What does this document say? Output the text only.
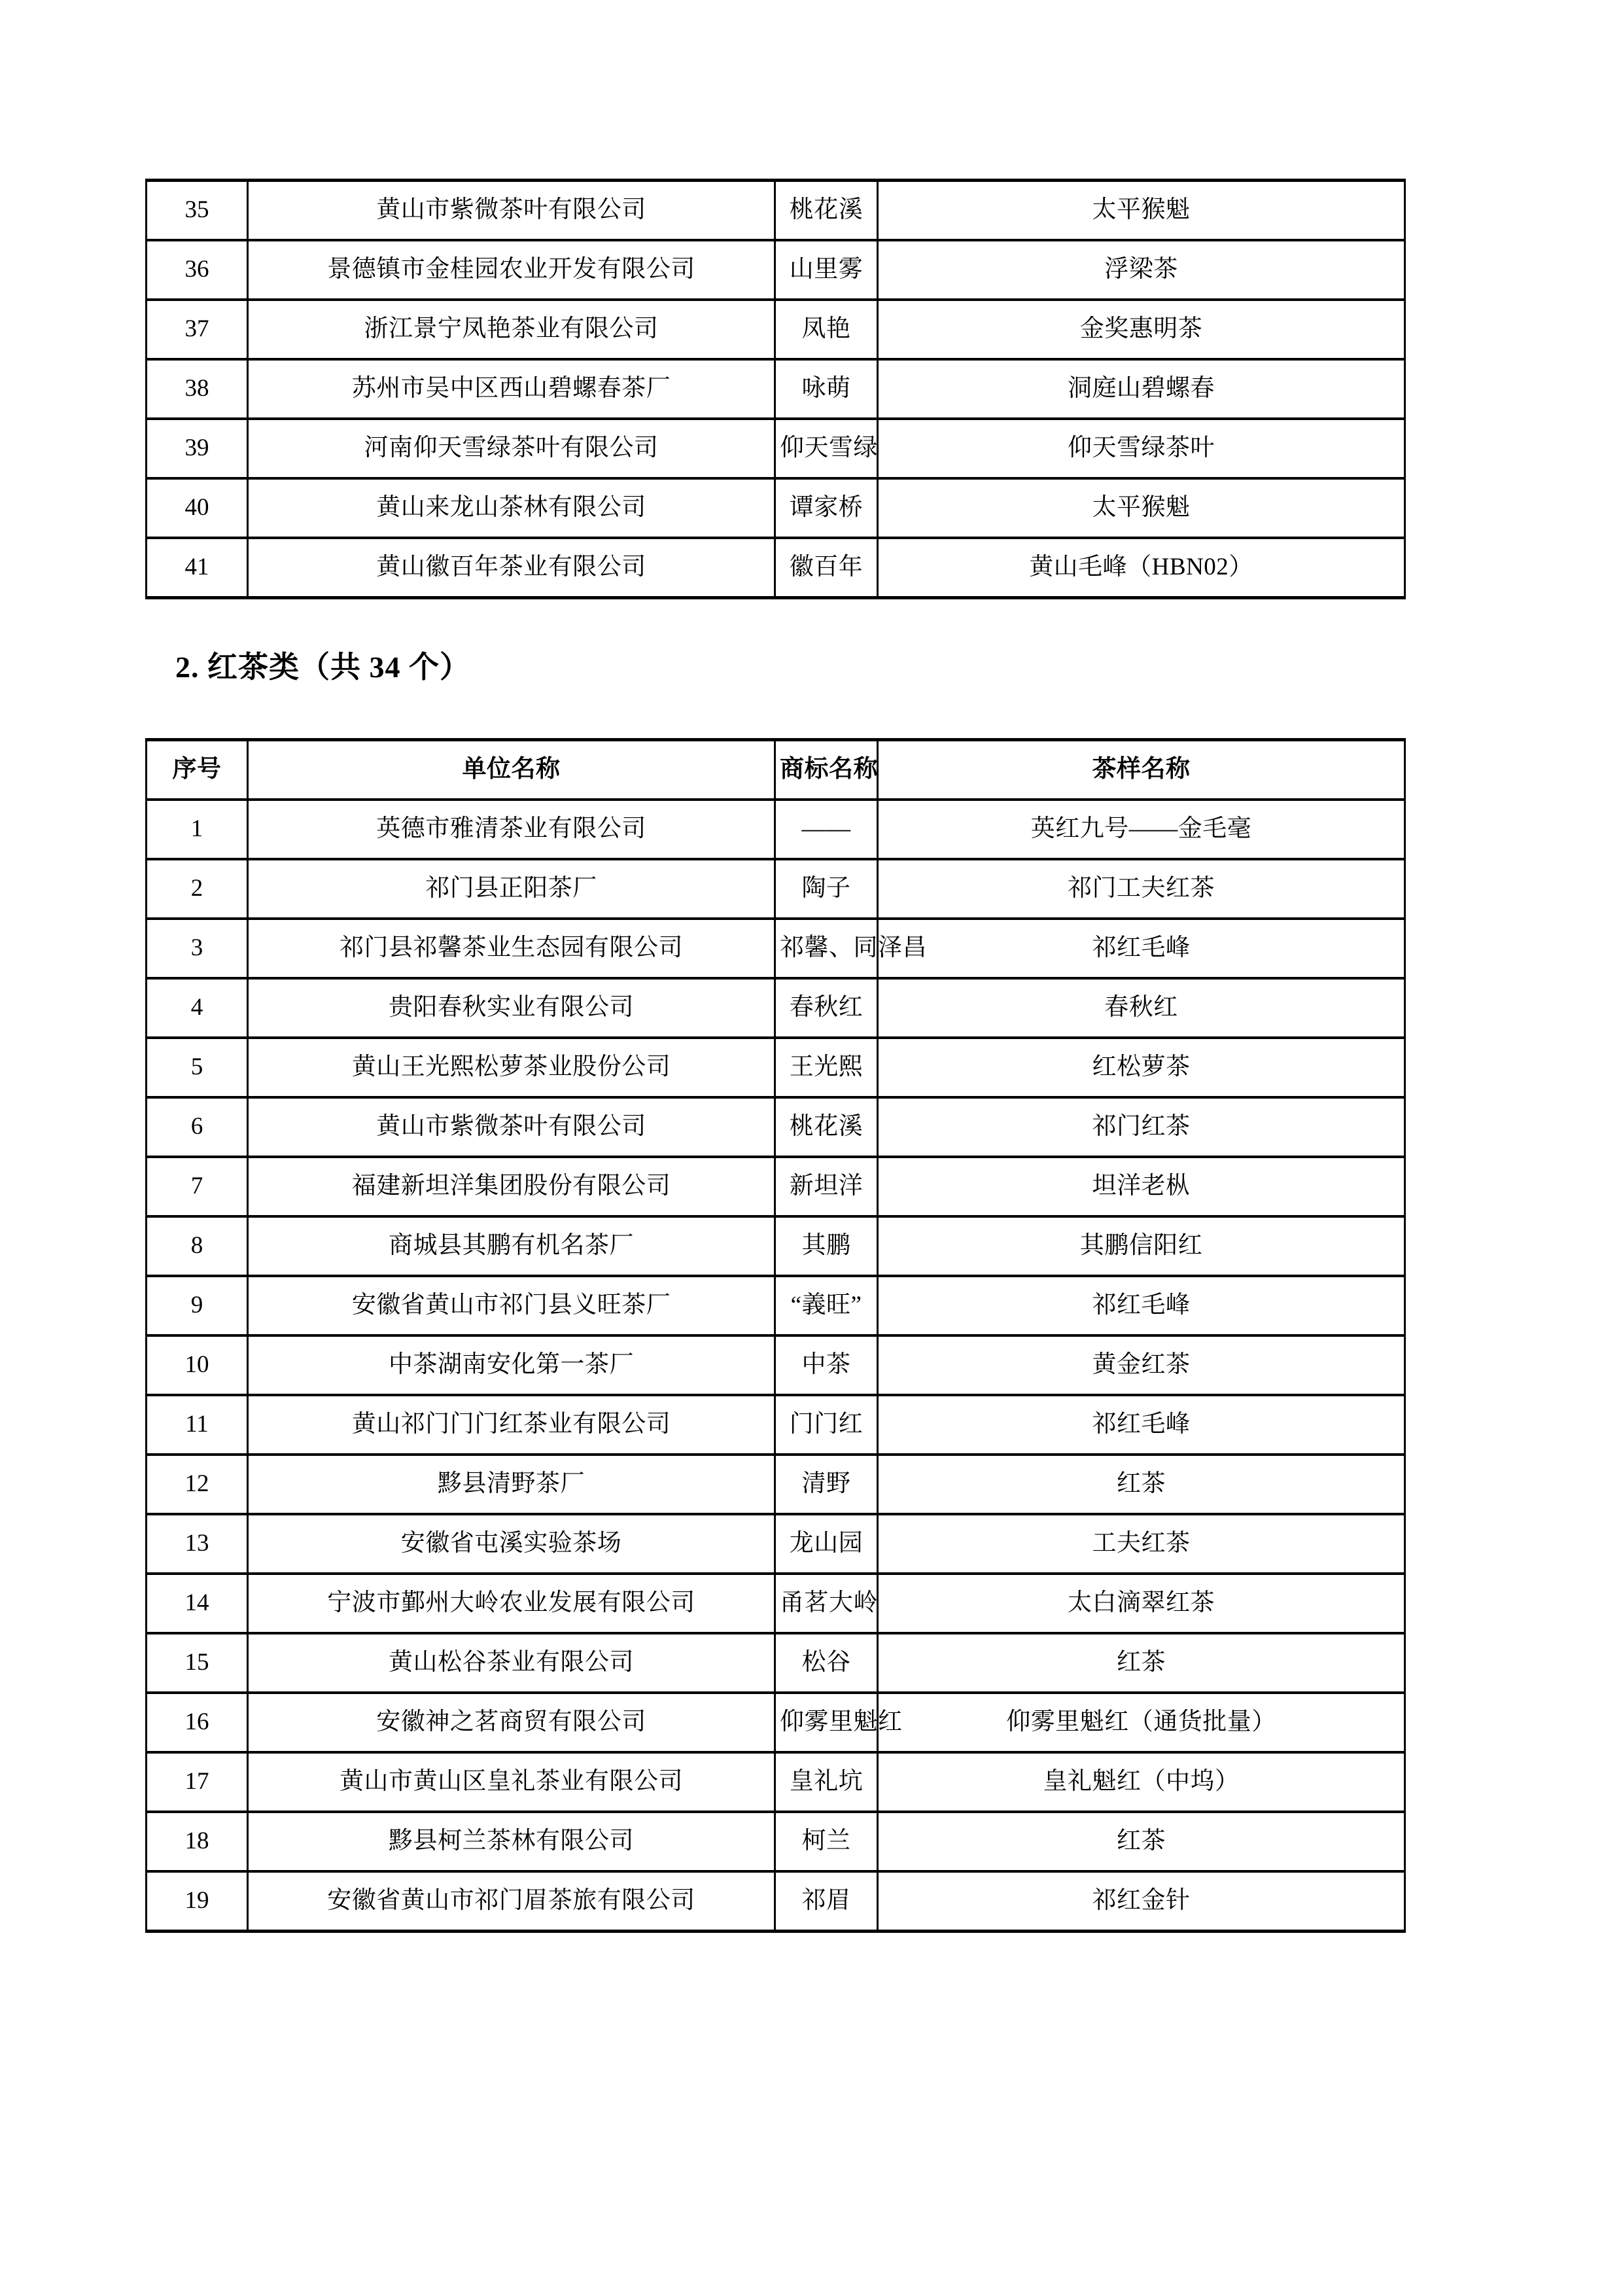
35	黄山市紫微茶叶有限公司	桃花溪	太平猴魁
36	景德镇市金桂园农业开发有限公司	山里雾	浮梁茶
37	浙江景宁凤艳茶业有限公司	凤艳	金奖惠明茶
38	苏州市吴中区西山碧螺春茶厂	咏萌	洞庭山碧螺春
39	河南仰天雪绿茶叶有限公司	仰天雪绿	仰天雪绿茶叶
40	黄山来龙山茶林有限公司	谭家桥	太平猴魁
41	黄山徽百年茶业有限公司	徽百年	黄山毛峰（HBN02）
2. 红茶类（共 34 个）
序号	单位名称	商标名称	茶样名称
1	英德市雅清茶业有限公司	——	英红九号——金毛毫
2	祁门县正阳茶厂	陶子	祁门工夫红茶
3	祁门县祁馨茶业生态园有限公司	祁馨、同泽昌	祁红毛峰
4	贵阳春秋实业有限公司	春秋红	春秋红
5	黄山王光熙松萝茶业股份公司	王光熙	红松萝茶
6	黄山市紫微茶叶有限公司	桃花溪	祁门红茶
7	福建新坦洋集团股份有限公司	新坦洋	坦洋老枞
8	商城县其鹏有机名茶厂	其鹏	其鹏信阳红
9	安徽省黄山市祁门县义旺茶厂	“義旺”	祁红毛峰
10	中茶湖南安化第一茶厂	中茶	黄金红茶
11	黄山祁门门门红茶业有限公司	门门红	祁红毛峰
12	黟县清野茶厂	清野	红茶
13	安徽省屯溪实验茶场	龙山园	工夫红茶
14	宁波市鄞州大岭农业发展有限公司	甬茗大岭	太白滴翠红茶
15	黄山松谷茶业有限公司	松谷	红茶
16	安徽神之茗商贸有限公司	仰雾里魁红	仰雾里魁红（通货批量）
17	黄山市黄山区皇礼茶业有限公司	皇礼坑	皇礼魁红（中坞）
18	黟县柯兰茶林有限公司	柯兰	红茶
19	安徽省黄山市祁门眉茶旅有限公司	祁眉	祁红金针
